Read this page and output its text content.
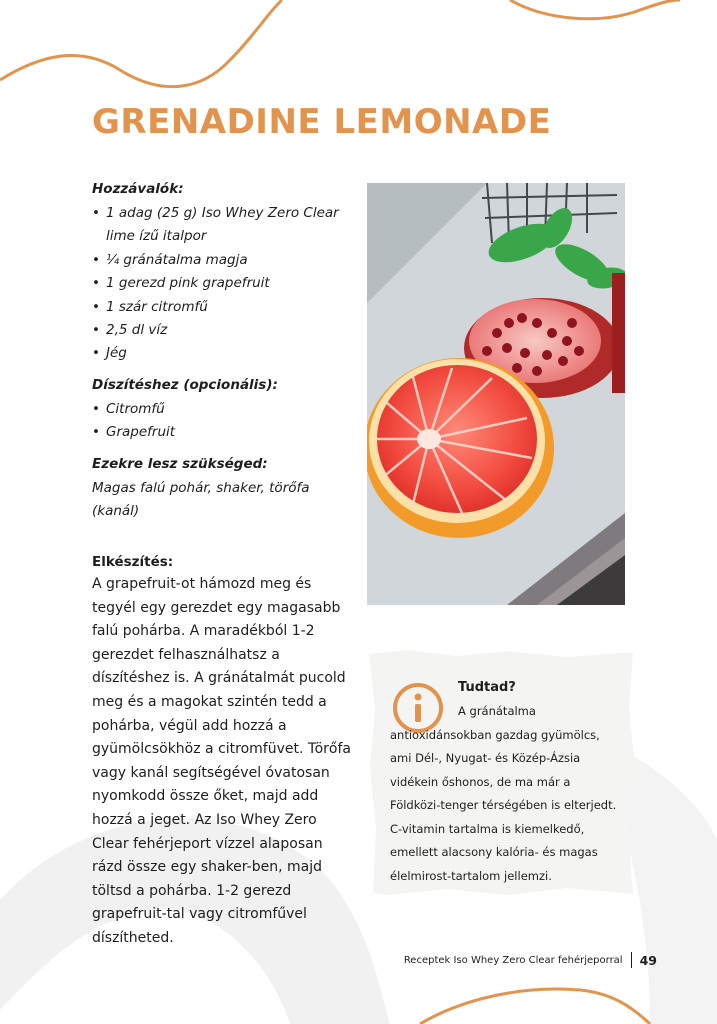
GRENADINE LEMONADE

Hozzávalók:

• 1 adag (25 g) Iso Whey Zero Clear lime ízű italpor
• ¼ gránátalma magja
• 1 gerezd pink grapefruit
• 1 szár citromfű
• 2,5 dl víz
• Jég

Díszítéshez (opcionális):

• Citromfű
• Grapefruit

Ezekre lesz szükséged:

Magas falú pohár, shaker, törőfa (kanál)

Elkészítés:

A grapefruit-ot hámozd meg és tegyél egy gerezdet egy magasabb falú pohárba. A maradékból 1-2 gerezdet felhasználhatsz a díszítéshez is. A gránátalmát pucold meg és a magokat szintén tedd a pohárba, végül add hozzá a gyümölcsökhöz a citromfüvet. Törőfa vagy kanál segítségével óvatosan nyomkodd össze őket, majd add hozzá a jeget. Az Iso Whey Zero Clear fehérjeport vízzel alaposan rázd össze egy shaker-ben, majd töltsd a pohárba. 1-2 gerezd grapefruit-tal vagy citromfűvel díszítheted.

Tudtad?

A gránátalma antioxidánsokban gazdag gyümölcs, ami Dél-, Nyugat- és Közép-Ázsia vidékein őshonos, de ma már a Földközi-tenger térségében is elterjedt. C-vitamin tartalma is kiemelkedő, emellett alacsony kalória- és magas élelmirost-tartalom jellemzi.

Receptek Iso Whey Zero Clear fehérjeporral 49
